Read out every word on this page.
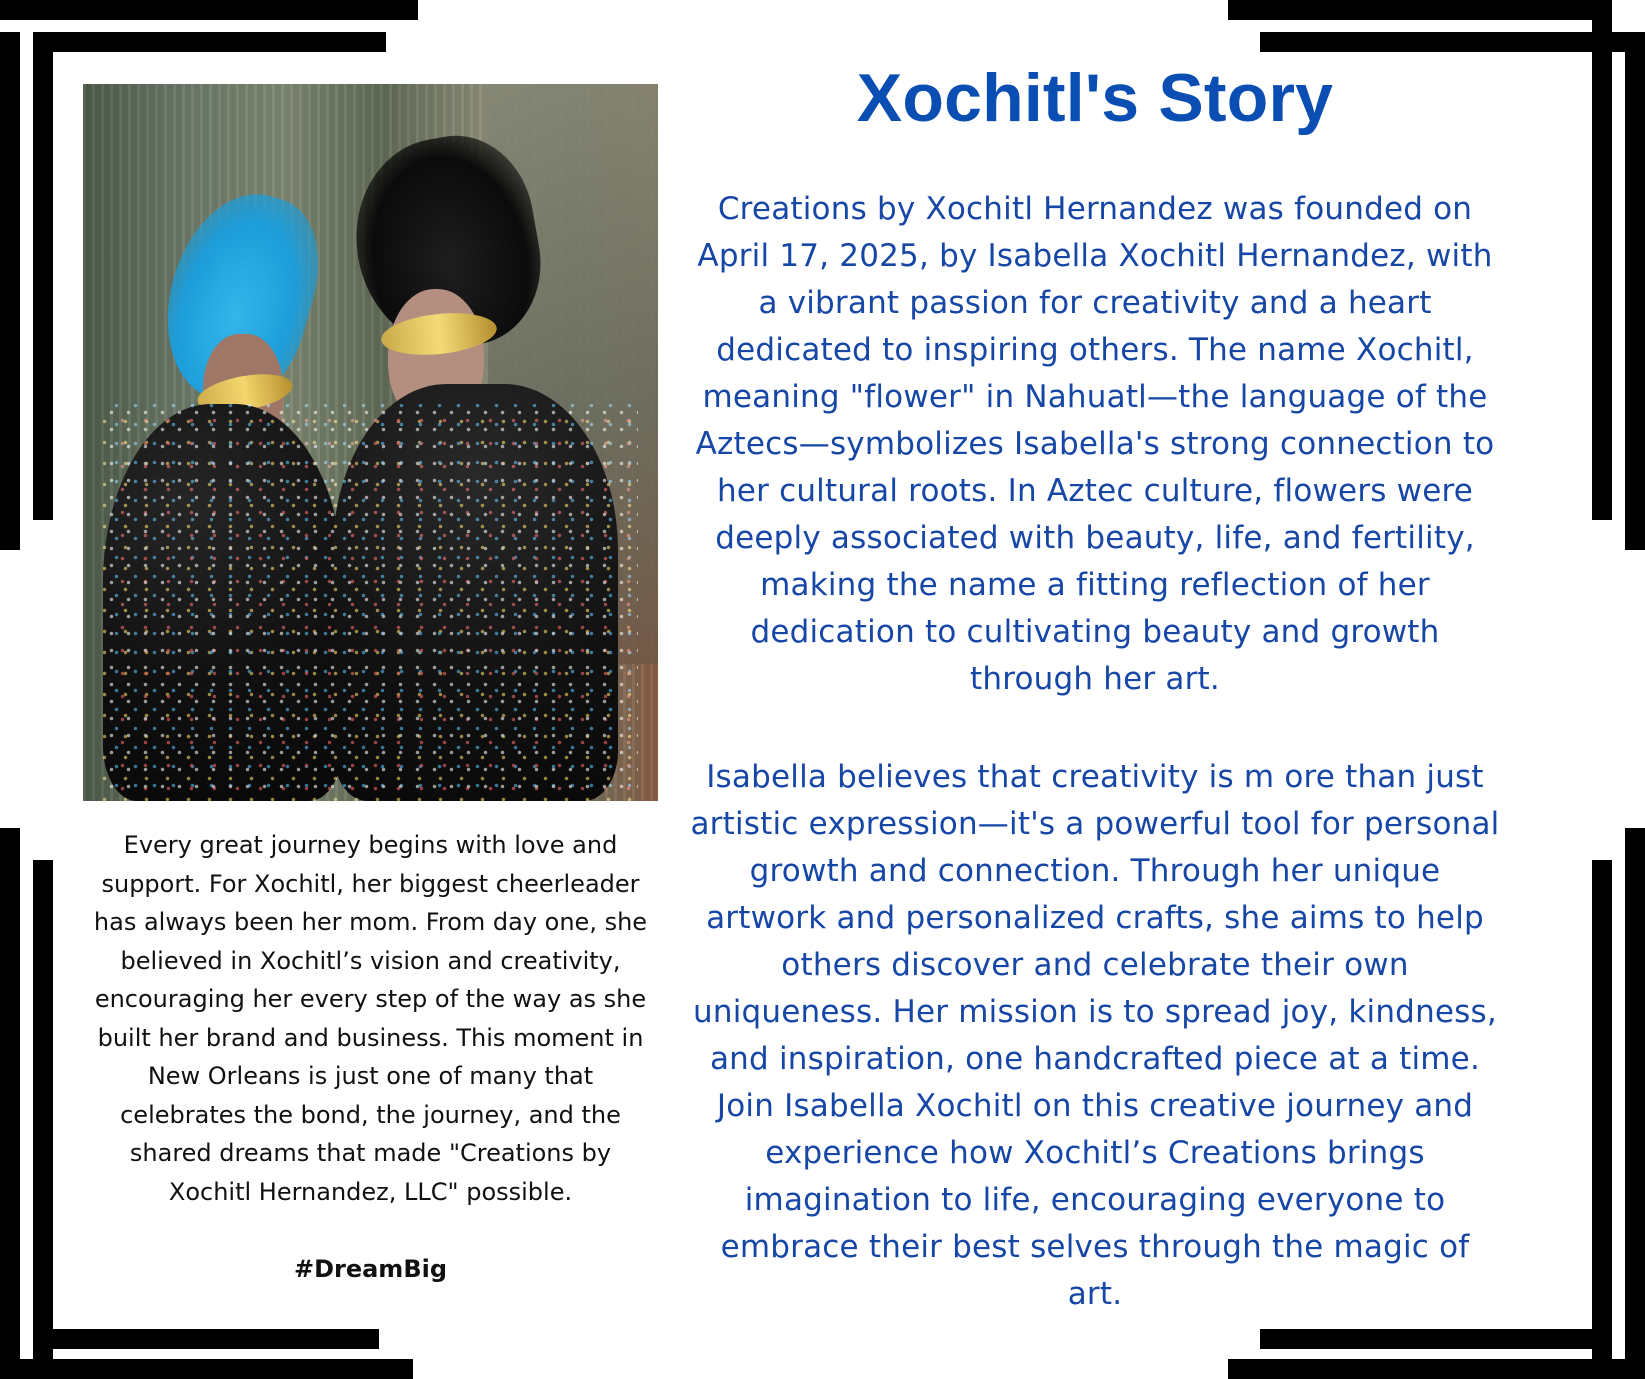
Xochitl's Story

Creations by Xochitl Hernandez was founded on April 17, 2025, by Isabella Xochitl Hernandez, with a vibrant passion for creativity and a heart dedicated to inspiring others. The name Xochitl, meaning "flower" in Nahuatl—the language of the Aztecs—symbolizes Isabella's strong connection to her cultural roots. In Aztec culture, flowers were deeply associated with beauty, life, and fertility, making the name a fitting reflection of her dedication to cultivating beauty and growth through her art.

Isabella believes that creativity is m ore than just artistic expression—it's a powerful tool for personal growth and connection. Through her unique artwork and personalized crafts, she aims to help others discover and celebrate their own uniqueness. Her mission is to spread joy, kindness, and inspiration, one handcrafted piece at a time. Join Isabella Xochitl on this creative journey and experience how Xochitl’s Creations brings imagination to life, encouraging everyone to embrace their best selves through the magic of art.

Every great journey begins with love and support. For Xochitl, her biggest cheerleader has always been her mom. From day one, she believed in Xochitl’s vision and creativity, encouraging her every step of the way as she built her brand and business. This moment in New Orleans is just one of many that celebrates the bond, the journey, and the shared dreams that made "Creations by Xochitl Hernandez, LLC" possible.

#DreamBig
